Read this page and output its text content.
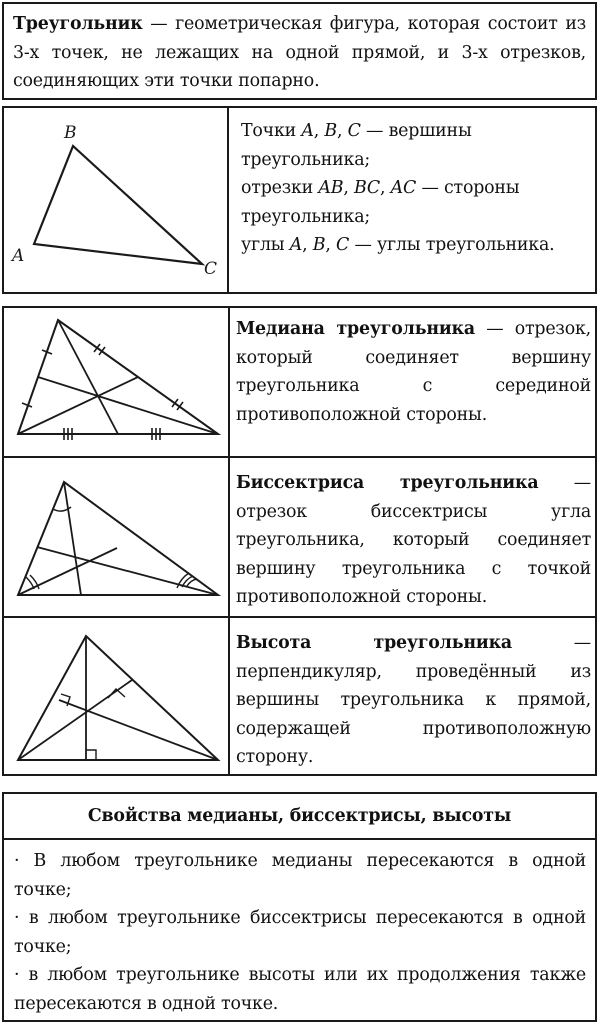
Треугольник — геометрическая фигура, которая состоит из 3-х точек, не лежащих на одной прямой, и 3-х отрезков, соединяющих эти точки попарно.
B
A
C
Точки A, B, C — вершины треугольника;
отрезки AB, BC, AC — стороны треугольника;
углы A, B, C — углы треугольника.
Медиана треугольника — отрезок, который соединяет вершину треугольника с серединой противоположной стороны.
Биссектриса треугольника — отрезок биссектрисы угла треугольника, который соединяет вершину треугольника с точкой противоположной стороны.
Высота треугольника — перпендикуляр, проведённый из вершины треугольника к прямой, содержащей противоположную сторону.
Свойства медианы, биссектрисы, высоты

· В любом треугольнике медианы пересекаются в одной точке;

· в любом треугольнике биссектрисы пересекаются в одной точке;

· в любом треугольнике высоты или их продолжения также пересекаются в одной точке.
